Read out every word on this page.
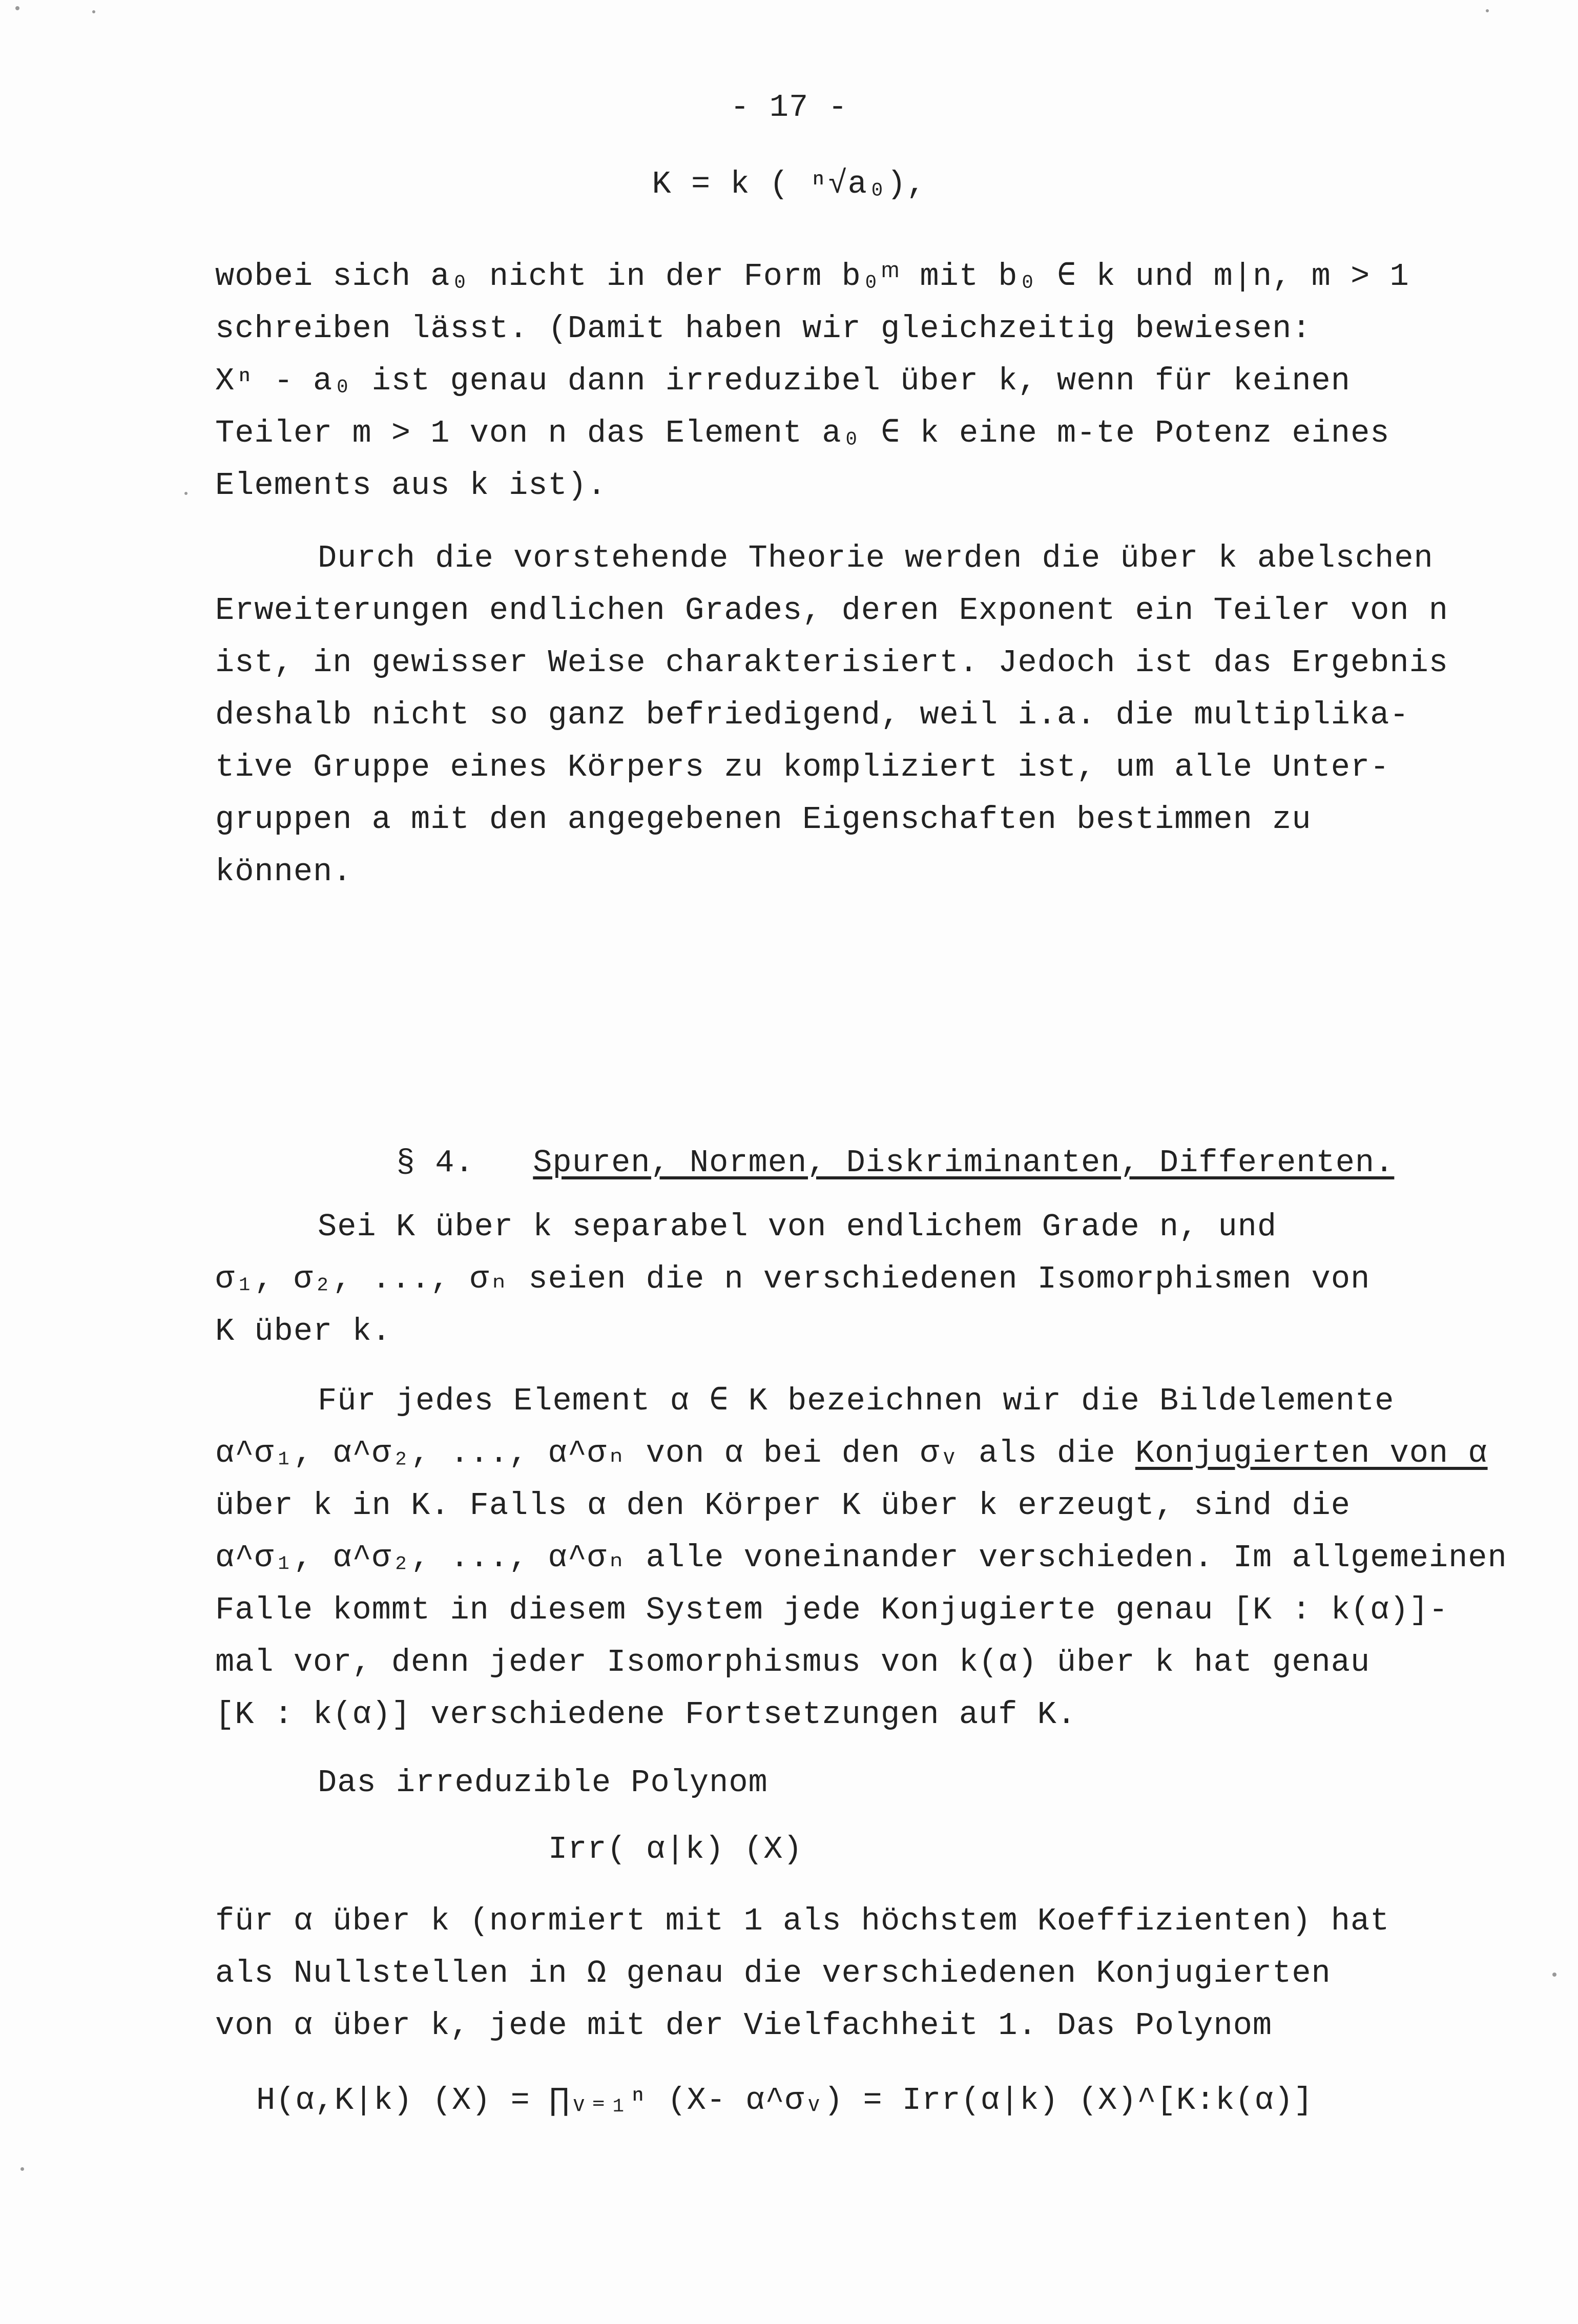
- 17 -
K = k ( ⁿ√a₀),
wobei sich a₀ nicht in der Form b₀ᵐ mit b₀ ∈ k und m|n, m > 1
schreiben lässt. (Damit haben wir gleichzeitig bewiesen:
Xⁿ - a₀ ist genau dann irreduzibel über k, wenn für keinen
Teiler m > 1 von n das Element a₀ ∈ k eine m-te Potenz eines
Elements aus k ist).
Durch die vorstehende Theorie werden die über k abelschen
Erweiterungen endlichen Grades, deren Exponent ein Teiler von n
ist, in gewisser Weise charakterisiert. Jedoch ist das Ergebnis
deshalb nicht so ganz befriedigend, weil i.a. die multiplika-
tive Gruppe eines Körpers zu kompliziert ist, um alle Unter-
gruppen a mit den angegebenen Eigenschaften bestimmen zu
können.

§ 4. Spuren, Normen, Diskriminanten, Differenten.

Sei K über k separabel von endlichem Grade n, und
σ₁, σ₂, ..., σₙ seien die n verschiedenen Isomorphismen von
K über k.
Für jedes Element α ∈ K bezeichnen wir die Bildelemente
α^σ₁, α^σ₂, ..., α^σₙ von α bei den σᵥ als die Konjugierten von α
über k in K. Falls α den Körper K über k erzeugt, sind die
α^σ₁, α^σ₂, ..., α^σₙ alle voneinander verschieden. Im allgemeinen
Falle kommt in diesem System jede Konjugierte genau [K : k(α)]-
mal vor, denn jeder Isomorphismus von k(α) über k hat genau
[K : k(α)] verschiedene Fortsetzungen auf K.
Das irreduzible Polynom
Irr( α|k) (X)
für α über k (normiert mit 1 als höchstem Koeffizienten) hat
als Nullstellen in Ω genau die verschiedenen Konjugierten
von α über k, jede mit der Vielfachheit 1. Das Polynom
H(α,K|k) (X) = ∏ᵥ₌₁ⁿ (X- α^σᵥ) = Irr(α|k) (X)^[K:k(α)]
